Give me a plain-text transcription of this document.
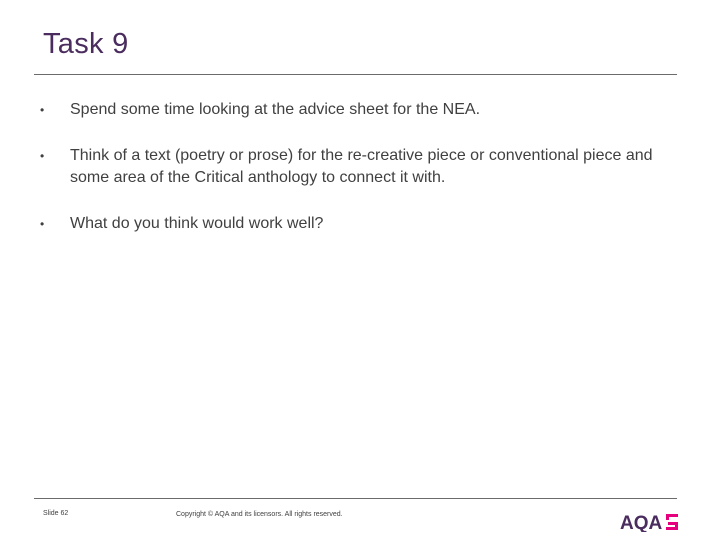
Task 9
• Spend some time looking at the advice sheet for the NEA.
• Think of a text (poetry or prose) for the re-creative piece or conventional piece and some area of the Critical anthology to connect it with.
• What do you think would work well?
Slide 62	Copyright © AQA and its licensors. All rights reserved.	AQA
